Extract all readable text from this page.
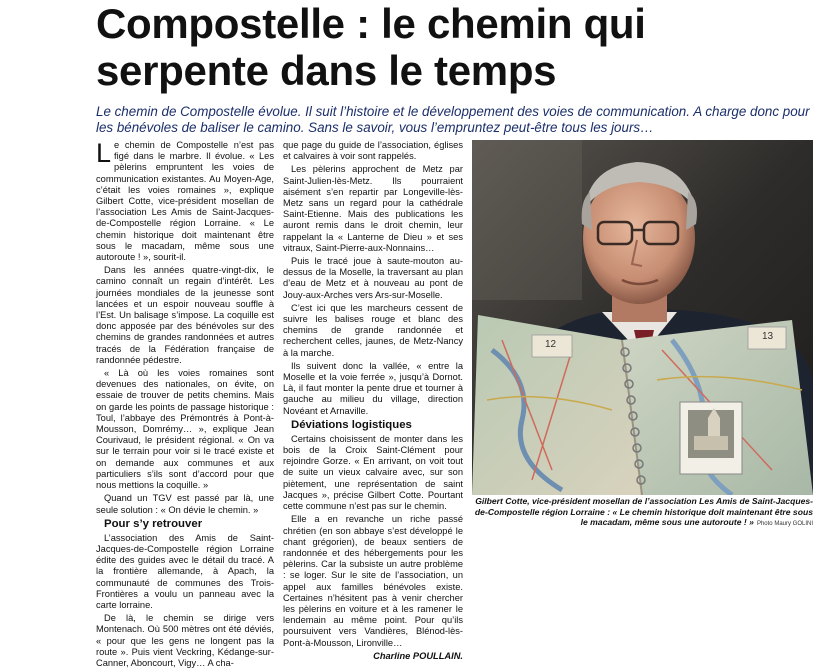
Compostelle : le chemin qui serpente dans le temps

Le chemin de Compostelle évolue. Il suit l’histoire et le développement des voies de communication. A charge donc pour les bénévoles de baliser le camino. Sans le savoir, vous l’empruntez peut-être tous les jours…

Le chemin de Compostelle n’est pas figé dans le marbre. Il évolue. « Les pèlerins empruntent les voies de communication existantes. Au Moyen-Age, c’était les voies romaines », explique Gilbert Cotte, vice-président mosellan de l’association Les Amis de Saint-Jacques-de-Compostelle région Lorraine. « Le chemin historique doit maintenant être sous le macadam, même sous une autoroute ! », sourit-il.

Dans les années quatre-vingt-dix, le camino connaît un regain d’intérêt. Les journées mondiales de la jeunesse sont lancées et un espoir nouveau souffle à l’Est. Un balisage s’impose. La coquille est donc apposée par des bénévoles sur des chemins de grandes randonnées et autres tracés de la Fédération française de randonnée pédestre.

« Là où les voies romaines sont devenues des nationales, on évite, on essaie de trouver de petits chemins. Mais on garde les points de passage historique : Toul, l’abbaye des Prémontrés à Pont-à-Mousson, Domrémy… », explique Jean Courivaud, le président régional. « On va sur le terrain pour voir si le tracé existe et on demande aux communes et aux particuliers s’ils sont d’accord pour que nous mettions la coquille. »

Quand un TGV est passé par là, une seule solution : « On dévie le chemin. »

Pour s’y retrouver

L’association des Amis de Saint-Jacques-de-Compostelle région Lorraine édite des guides avec le détail du tracé. A la frontière allemande, à Apach, la communauté de communes des Trois-Frontières a voulu un panneau avec la carte lorraine.

De là, le chemin se dirige vers Montenach. Où 500 mètres ont été déviés, « pour que les gens ne longent pas la route ». Puis vient Veckring, Kédange-sur-Canner, Aboncourt, Vigy… A cha-

que page du guide de l’association, églises et calvaires à voir sont rappelés.

Les pèlerins approchent de Metz par Saint-Julien-lès-Metz. Ils pourraient aisément s’en repartir par Longeville-lès-Metz sans un regard pour la cathédrale Saint-Etienne. Mais des publications les auront remis dans le droit chemin, leur rappelant la « Lanterne de Dieu » et ses vitraux, Saint-Pierre-aux-Nonnains…

Puis le tracé joue à saute-mouton au-dessus de la Moselle, la traversant au plan d’eau de Metz et à nouveau au pont de Jouy-aux-Arches vers Ars-sur-Moselle.

C’est ici que les marcheurs cessent de suivre les balises rouge et blanc des chemins de grande randonnée et recherchent celles, jaunes, de Metz-Nancy à la marche.

Ils suivent donc la vallée, « entre la Moselle et la voie ferrée », jusqu’à Dornot. Là, il faut monter la pente drue et tourner à gauche au milieu du village, direction Novéant et Arnaville.

Déviations logistiques

Certains choisissent de monter dans les bois de la Croix Saint-Clément pour rejoindre Gorze. « En arrivant, on voit tout de suite un vieux calvaire avec, sur son piètement, une représentation de saint Jacques », précise Gilbert Cotte. Pourtant cette commune n’est pas sur le chemin.

Elle a en revanche un riche passé chrétien (en son abbaye s’est développé le chant grégorien), de beaux sentiers de randonnée et des hébergements pour les pèlerins. Car la subsiste un autre problème : se loger. Sur le site de l’association, un appel aux familles bénévoles existe. Certaines n’hésitent pas à venir chercher les pèlerins en voiture et à les ramener le lendemain au même point. Pour qu’ils poursuivent vers Vandières, Blénod-lès-Pont-à-Mousson, Lironville…

Charline POULLAIN.

12
13

Gilbert Cotte, vice-président mosellan de l’association Les Amis de Saint-Jacques-de-Compostelle région Lorraine : « Le chemin historique doit maintenant être sous le macadam, même sous une autoroute ! » Photo Maury GOLINI
